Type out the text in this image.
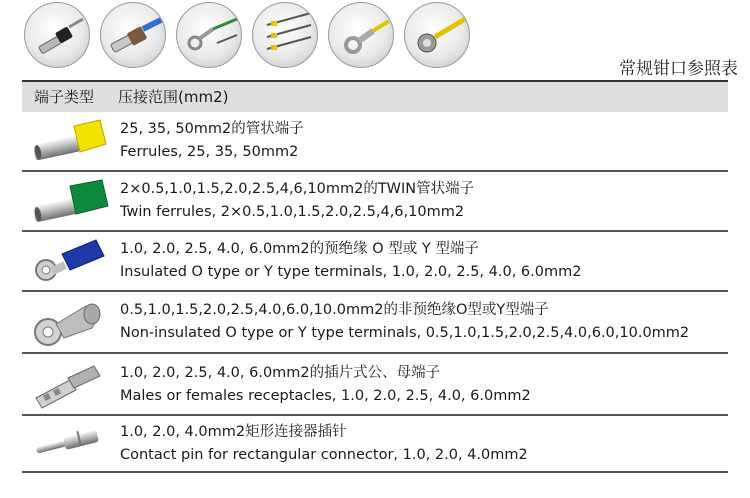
常规钳口参照表
端子类型 压接范围(mm2)
25, 35, 50mm2的管状端子
Ferrules, 25, 35, 50mm2
2×0.5,1.0,1.5,2.0,2.5,4,6,10mm2的TWIN管状端子
Twin ferrules, 2×0.5,1.0,1.5,2.0,2.5,4,6,10mm2
1.0, 2.0, 2.5, 4.0, 6.0mm2的预绝缘 O 型或 Y 型端子
Insulated O type or Y type terminals, 1.0, 2.0, 2.5, 4.0, 6.0mm2
0.5,1.0,1.5,2.0,2.5,4.0,6.0,10.0mm2的非预绝缘O型或Y型端子
Non-insulated O type or Y type terminals, 0.5,1.0,1.5,2.0,2.5,4.0,6.0,10.0mm2
1.0, 2.0, 2.5, 4.0, 6.0mm2的插片式公、母端子
Males or females receptacles, 1.0, 2.0, 2.5, 4.0, 6.0mm2
1.0, 2.0, 4.0mm2矩形连接器插针
Contact pin for rectangular connector, 1.0, 2.0, 4.0mm2
